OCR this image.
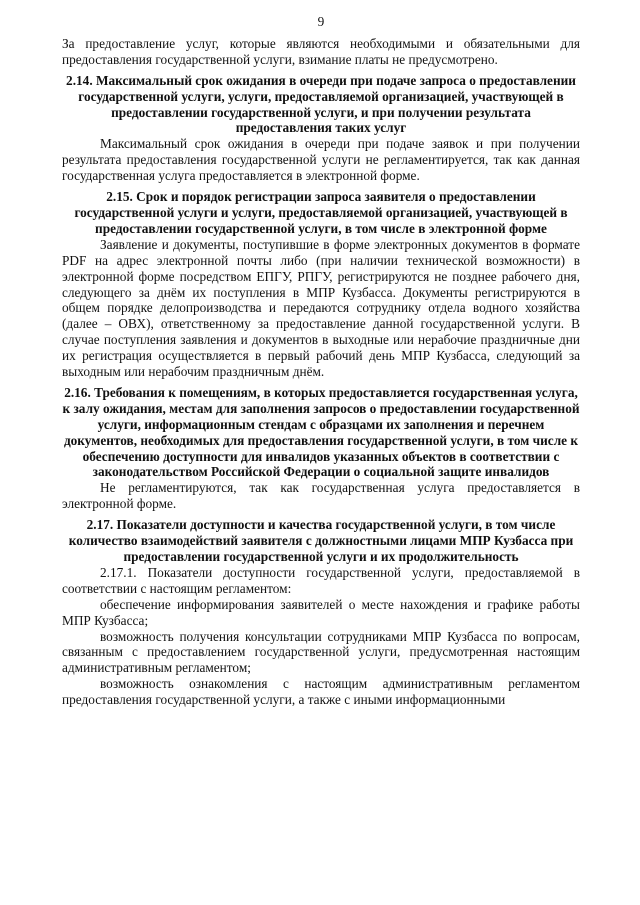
9
За предоставление услуг, которые являются необходимыми и обязательными для предоставления государственной услуги, взимание платы не предусмотрено.
2.14. Максимальный срок ожидания в очереди при подаче запроса о предоставлении государственной услуги, услуги, предоставляемой организацией, участвующей в предоставлении государственной услуги, и при получении результата предоставления таких услуг
Максимальный срок ожидания в очереди при подаче заявок и при получении результата предоставления государственной услуги не регламентируется, так как данная государственная услуга предоставляется в электронной форме.
2.15. Срок и порядок регистрации запроса заявителя о предоставлении государственной услуги и услуги, предоставляемой организацией, участвующей в предоставлении государственной услуги, в том числе в электронной форме
Заявление и документы, поступившие в форме электронных документов в формате PDF на адрес электронной почты либо (при наличии технической возможности) в электронной форме посредством ЕПГУ, РПГУ, регистрируются не позднее рабочего дня, следующего за днём их поступления в МПР Кузбасса. Документы регистрируются в общем порядке делопроизводства и передаются сотруднику отдела водного хозяйства (далее – ОВХ), ответственному за предоставление данной государственной услуги. В случае поступления заявления и документов в выходные или нерабочие праздничные дни их регистрация осуществляется в первый рабочий день МПР Кузбасса, следующий за выходным или нерабочим праздничным днём.
2.16. Требования к помещениям, в которых предоставляется государственная услуга, к залу ожидания, местам для заполнения запросов о предоставлении государственной услуги, информационным стендам с образцами их заполнения и перечнем документов, необходимых для предоставления государственной услуги, в том числе к обеспечению доступности для инвалидов указанных объектов в соответствии с законодательством Российской Федерации о социальной защите инвалидов
Не регламентируются, так как государственная услуга предоставляется в электронной форме.
2.17. Показатели доступности и качества государственной услуги, в том числе количество взаимодействий заявителя с должностными лицами МПР Кузбасса при предоставлении государственной услуги и их продолжительность
2.17.1. Показатели доступности государственной услуги, предоставляемой в соответствии с настоящим регламентом:
обеспечение информирования заявителей о месте нахождения и графике работы МПР Кузбасса;
возможность получения консультации сотрудниками МПР Кузбасса по вопросам, связанным с предоставлением государственной услуги, предусмотренная настоящим административным регламентом;
возможность ознакомления с настоящим административным регламентом предоставления государственной услуги, а также с иными информационными
